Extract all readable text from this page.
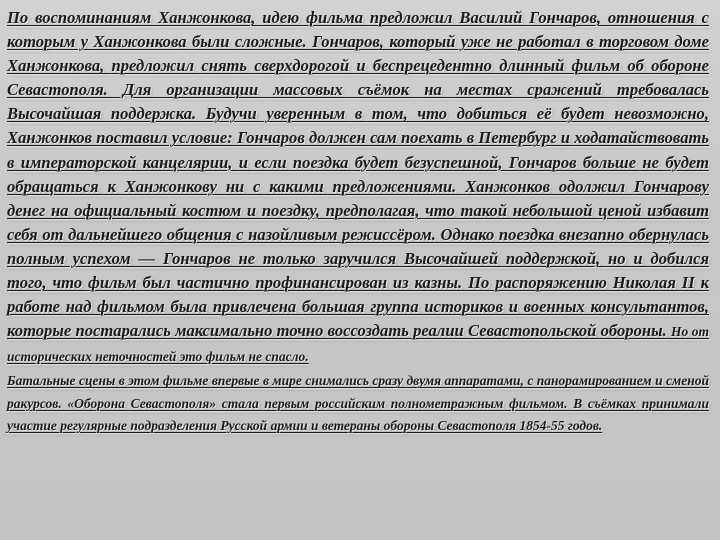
По воспоминаниям Ханжонкова, идею фильма предложил Василий Гончаров, отношения с которым у Ханжонкова были сложные. Гончаров, который уже не работал в торговом доме Ханжонкова, предложил снять сверхдорогой и беспрецедентно длинный фильм об обороне Севастополя. Для организации массовых съёмок на местах сражений требовалась Высочайшая поддержка. Будучи уверенным в том, что добиться её будет невозможно, Ханжонков поставил условие: Гончаров должен сам поехать в Петербург и ходатайствовать в императорской канцелярии, и если поездка будет безуспешной, Гончаров больше не будет обращаться к Ханжонкову ни с какими предложениями. Ханжонков одолжил Гончарову денег на официальный костюм и поездку, предполагая, что такой небольшой ценой избавит себя от дальнейшего общения с назойливым режиссёром. Однако поездка внезапно обернулась полным успехом — Гончаров не только заручился Высочайшей поддержкой, но и добился того, что фильм был частично профинансирован из казны. По распоряжению Николая II к работе над фильмом была привлечена большая группа историков и военных консультантов, которые постарались максимально точно воссоздать реалии Севастопольской обороны. Но от исторических неточностей это фильм не спасло.

Батальные сцены в этом фильме впервые в мире снимались сразу двумя аппаратами, с панорамированием и сменой ракурсов. «Оборона Севастополя» стала первым российским полнометражным фильмом. В съёмках принимали участие регулярные подразделения Русской армии и ветераны обороны Севастополя 1854-55 годов.
